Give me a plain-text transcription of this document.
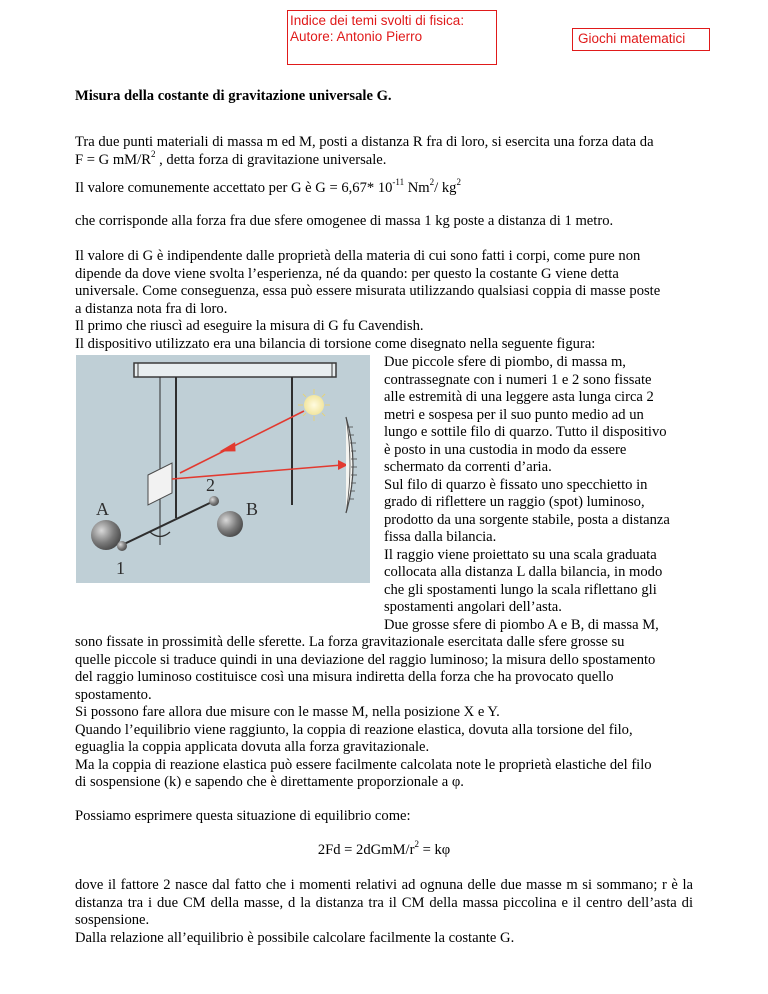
Indice dei temi svolti di fisica:
Autore: Antonio Pierro	Giochi matematici

Misura della costante di gravitazione universale G.

Tra due punti materiali di massa m ed M, posti a distanza R fra di loro, si esercita una forza data da
F = G $mM/R^2$ , detta forza di gravitazione universale.

Il valore comunemente accettato per G è G = 6,67* $10^{-11}$ Nm$^2$/ $kg^2$

che corrisponde alla forza fra due sfere omogenee di massa 1 kg poste a distanza di 1 metro.

Il valore di G è indipendente dalle proprietà della materia di cui sono fatti i corpi, come pure non
dipende da dove viene svolta l’esperienza, né da quando: per questo la costante G viene detta
universale. Come conseguenza, essa può essere misurata utilizzando qualsiasi coppia di masse poste
a distanza nota fra di loro.
Il primo che riuscì ad eseguire la misura di G fu Cavendish.
Il dispositivo utilizzato era una bilancia di torsione come disegnato nella seguente figura:

A	B
1
2

Due piccole sfere di piombo, di massa m,
contrassegnate con i numeri 1 e 2 sono fissate
alle estremità di una leggere asta lunga circa 2
metri e sospesa per il suo punto medio ad un
lungo e sottile filo di quarzo. Tutto il dispositivo
è posto in una custodia in modo da essere
schermato da correnti d’aria.
Sul filo di quarzo è fissato uno specchietto in
grado di riflettere un raggio (spot) luminoso,
prodotto da una sorgente stabile, posta a distanza
fissa dalla bilancia.
Il raggio viene proiettato su una scala graduata
collocata alla distanza L dalla bilancia, in modo
che gli spostamenti lungo la scala riflettano gli
spostamenti angolari dell’asta.
Due grosse sfere di piombo A e B, di massa M,

sono fissate in prossimità delle sferette. La forza gravitazionale esercitata dalle sfere grosse su
quelle piccole si traduce quindi in una deviazione del raggio luminoso; la misura dello spostamento
del raggio luminoso costituisce così una misura indiretta della forza che ha provocato quello
spostamento.
Si possono fare allora due misure con le masse M, nella posizione X e Y.
Quando l’equilibrio viene raggiunto, la coppia di reazione elastica, dovuta alla torsione del filo,
eguaglia la coppia applicata dovuta alla forza gravitazionale.
Ma la coppia di reazione elastica può essere facilmente calcolata note le proprietà elastiche del filo
di sospensione (k) e sapendo che è direttamente proporzionale a φ.

Possiamo esprimere questa situazione di equilibrio come:

$2Fd = 2dGmM/r^2 = k\varphi$

dove il fattore 2 nasce dal fatto che i momenti relativi ad ognuna delle due masse m si sommano; r è la distanza tra i due CM della masse, d la distanza tra il CM della massa piccolina e il centro dell’asta di sospensione.

Dalla relazione all’equilibrio è possibile calcolare facilmente la costante G.
